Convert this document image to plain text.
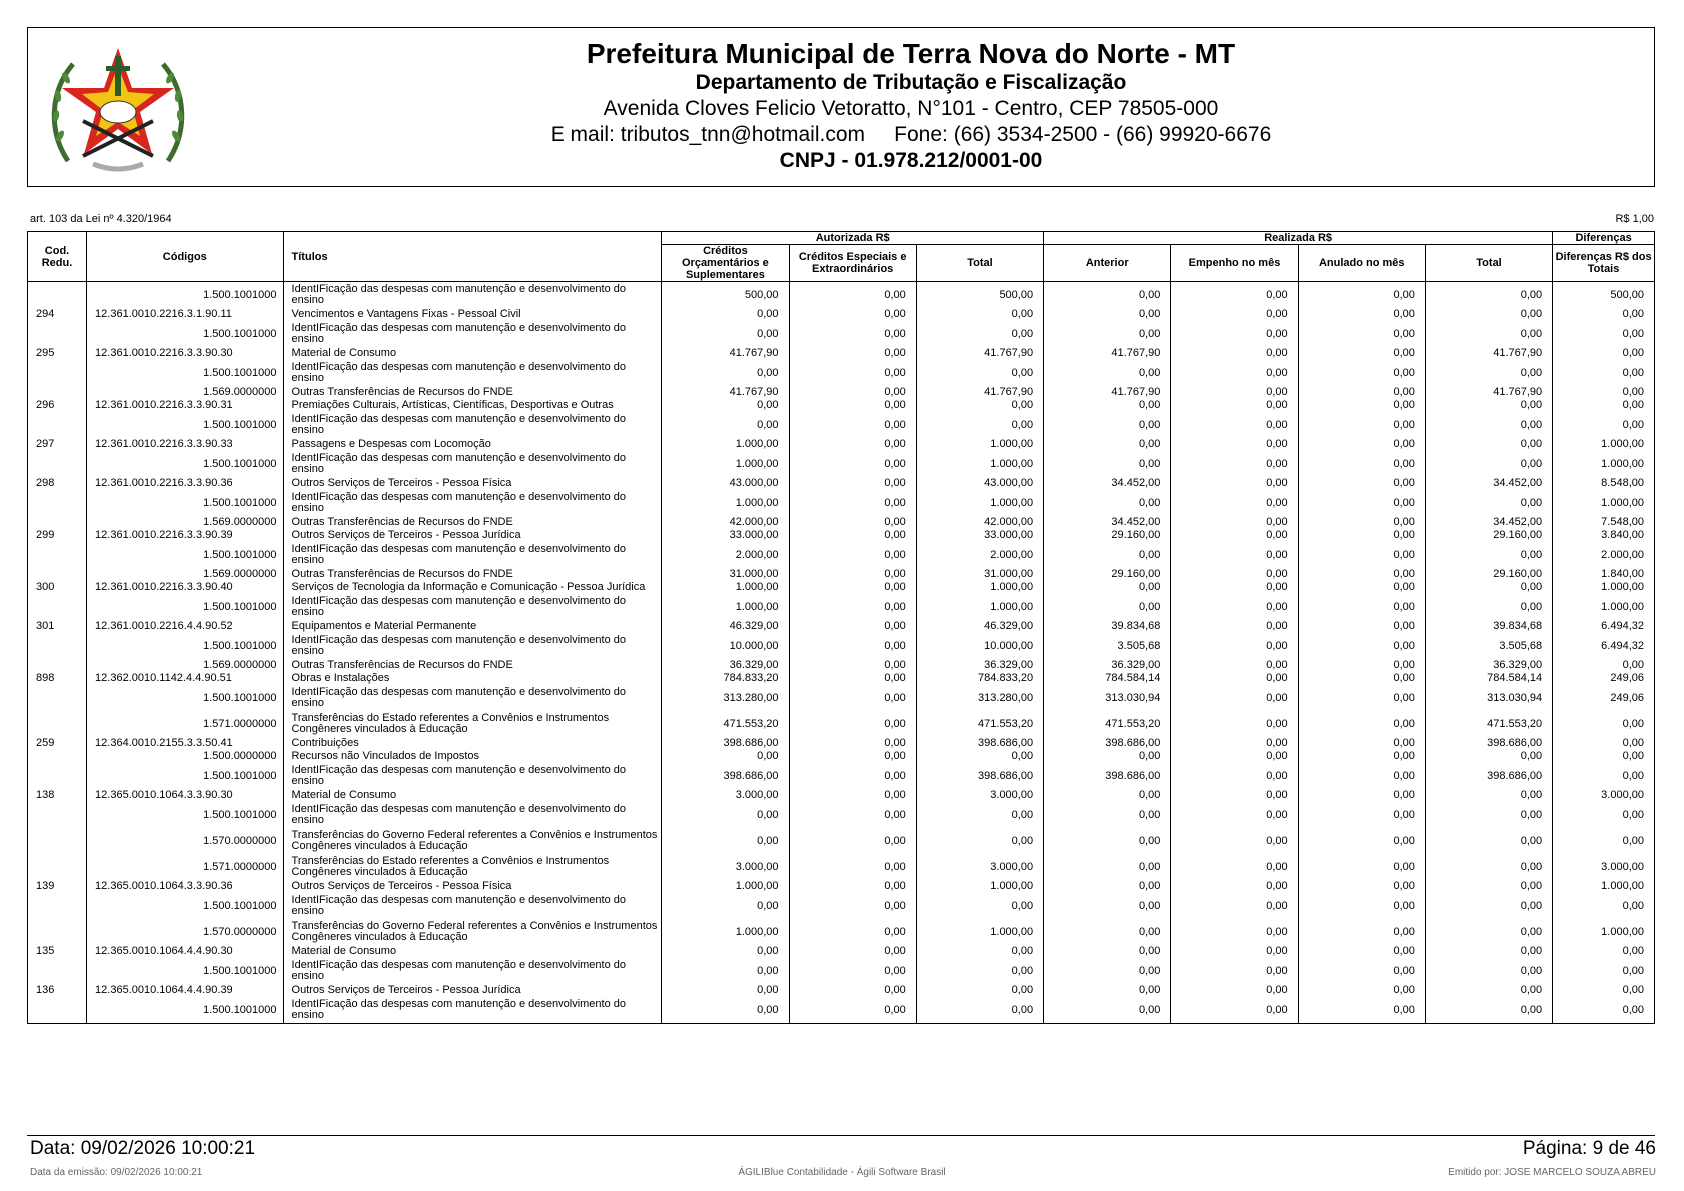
Prefeitura Municipal de Terra Nova do Norte - MT
Departamento de Tributação e Fiscalização
Avenida Cloves Felicio Vetoratto, N°101 - Centro, CEP 78505-000
E mail: tributos_tnn@hotmail.com     Fone: (66) 3534-2500 - (66) 99920-6676
CNPJ - 01.978.212/0001-00
art. 103 da Lei nº 4.320/1964	R$ 1,00
Cod. Redu.	Códigos	Títulos	Autorizada R$			Realizada R$				Diferenças
			Créditos Orçamentários e Suplementares	Créditos Especiais e Extraordinários	Total	Anterior	Empenho no mês	Anulado no mês	Total	Diferenças R$ dos Totais
	1.500.1001000	IdentIFicação das despesas com manutenção e desenvolvimento do ensino	500,00	0,00	500,00	0,00	0,00	0,00	0,00	500,00
294	12.361.0010.2216.3.1.90.11	Vencimentos e Vantagens Fixas - Pessoal Civil	0,00	0,00	0,00	0,00	0,00	0,00	0,00	0,00
	1.500.1001000	IdentIFicação das despesas com manutenção e desenvolvimento do ensino	0,00	0,00	0,00	0,00	0,00	0,00	0,00	0,00
295	12.361.0010.2216.3.3.90.30	Material de Consumo	41.767,90	0,00	41.767,90	41.767,90	0,00	0,00	41.767,90	0,00
	1.500.1001000	IdentIFicação das despesas com manutenção e desenvolvimento do ensino	0,00	0,00	0,00	0,00	0,00	0,00	0,00	0,00
	1.569.0000000	Outras Transferências de Recursos do FNDE	41.767,90	0,00	41.767,90	41.767,90	0,00	0,00	41.767,90	0,00
296	12.361.0010.2216.3.3.90.31	Premiações Culturais, Artísticas, Científicas, Desportivas e Outras	0,00	0,00	0,00	0,00	0,00	0,00	0,00	0,00
	1.500.1001000	IdentIFicação das despesas com manutenção e desenvolvimento do ensino	0,00	0,00	0,00	0,00	0,00	0,00	0,00	0,00
297	12.361.0010.2216.3.3.90.33	Passagens e Despesas com Locomoção	1.000,00	0,00	1.000,00	0,00	0,00	0,00	0,00	1.000,00
	1.500.1001000	IdentIFicação das despesas com manutenção e desenvolvimento do ensino	1.000,00	0,00	1.000,00	0,00	0,00	0,00	0,00	1.000,00
298	12.361.0010.2216.3.3.90.36	Outros Serviços de Terceiros - Pessoa Física	43.000,00	0,00	43.000,00	34.452,00	0,00	0,00	34.452,00	8.548,00
	1.500.1001000	IdentIFicação das despesas com manutenção e desenvolvimento do ensino	1.000,00	0,00	1.000,00	0,00	0,00	0,00	0,00	1.000,00
	1.569.0000000	Outras Transferências de Recursos do FNDE	42.000,00	0,00	42.000,00	34.452,00	0,00	0,00	34.452,00	7.548,00
299	12.361.0010.2216.3.3.90.39	Outros Serviços de Terceiros - Pessoa Jurídica	33.000,00	0,00	33.000,00	29.160,00	0,00	0,00	29.160,00	3.840,00
	1.500.1001000	IdentIFicação das despesas com manutenção e desenvolvimento do ensino	2.000,00	0,00	2.000,00	0,00	0,00	0,00	0,00	2.000,00
	1.569.0000000	Outras Transferências de Recursos do FNDE	31.000,00	0,00	31.000,00	29.160,00	0,00	0,00	29.160,00	1.840,00
300	12.361.0010.2216.3.3.90.40	Serviços de Tecnologia da Informação e Comunicação - Pessoa Jurídica	1.000,00	0,00	1.000,00	0,00	0,00	0,00	0,00	1.000,00
	1.500.1001000	IdentIFicação das despesas com manutenção e desenvolvimento do ensino	1.000,00	0,00	1.000,00	0,00	0,00	0,00	0,00	1.000,00
301	12.361.0010.2216.4.4.90.52	Equipamentos e Material Permanente	46.329,00	0,00	46.329,00	39.834,68	0,00	0,00	39.834,68	6.494,32
	1.500.1001000	IdentIFicação das despesas com manutenção e desenvolvimento do ensino	10.000,00	0,00	10.000,00	3.505,68	0,00	0,00	3.505,68	6.494,32
	1.569.0000000	Outras Transferências de Recursos do FNDE	36.329,00	0,00	36.329,00	36.329,00	0,00	0,00	36.329,00	0,00
898	12.362.0010.1142.4.4.90.51	Obras e Instalações	784.833,20	0,00	784.833,20	784.584,14	0,00	0,00	784.584,14	249,06
	1.500.1001000	IdentIFicação das despesas com manutenção e desenvolvimento do ensino	313.280,00	0,00	313.280,00	313.030,94	0,00	0,00	313.030,94	249,06
	1.571.0000000	Transferências do Estado referentes a Convênios e Instrumentos Congêneres vinculados à Educação	471.553,20	0,00	471.553,20	471.553,20	0,00	0,00	471.553,20	0,00
259	12.364.0010.2155.3.3.50.41	Contribuições	398.686,00	0,00	398.686,00	398.686,00	0,00	0,00	398.686,00	0,00
	1.500.0000000	Recursos não Vinculados de Impostos	0,00	0,00	0,00	0,00	0,00	0,00	0,00	0,00
	1.500.1001000	IdentIFicação das despesas com manutenção e desenvolvimento do ensino	398.686,00	0,00	398.686,00	398.686,00	0,00	0,00	398.686,00	0,00
138	12.365.0010.1064.3.3.90.30	Material de Consumo	3.000,00	0,00	3.000,00	0,00	0,00	0,00	0,00	3.000,00
	1.500.1001000	IdentIFicação das despesas com manutenção e desenvolvimento do ensino	0,00	0,00	0,00	0,00	0,00	0,00	0,00	0,00
	1.570.0000000	Transferências do Governo Federal referentes a Convênios e Instrumentos Congêneres vinculados à Educação	0,00	0,00	0,00	0,00	0,00	0,00	0,00	0,00
	1.571.0000000	Transferências do Estado referentes a Convênios e Instrumentos Congêneres vinculados à Educação	3.000,00	0,00	3.000,00	0,00	0,00	0,00	0,00	3.000,00
139	12.365.0010.1064.3.3.90.36	Outros Serviços de Terceiros - Pessoa Física	1.000,00	0,00	1.000,00	0,00	0,00	0,00	0,00	1.000,00
	1.500.1001000	IdentIFicação das despesas com manutenção e desenvolvimento do ensino	0,00	0,00	0,00	0,00	0,00	0,00	0,00	0,00
	1.570.0000000	Transferências do Governo Federal referentes a Convênios e Instrumentos Congêneres vinculados à Educação	1.000,00	0,00	1.000,00	0,00	0,00	0,00	0,00	1.000,00
135	12.365.0010.1064.4.4.90.30	Material de Consumo	0,00	0,00	0,00	0,00	0,00	0,00	0,00	0,00
	1.500.1001000	IdentIFicação das despesas com manutenção e desenvolvimento do ensino	0,00	0,00	0,00	0,00	0,00	0,00	0,00	0,00
136	12.365.0010.1064.4.4.90.39	Outros Serviços de Terceiros - Pessoa Jurídica	0,00	0,00	0,00	0,00	0,00	0,00	0,00	0,00
	1.500.1001000	IdentIFicação das despesas com manutenção e desenvolvimento do ensino	0,00	0,00	0,00	0,00	0,00	0,00	0,00	0,00
Data: 09/02/2026 10:00:21	Página: 9 de 46
Data da emissão: 09/02/2026 10:00:21	ÁGILIBlue Contabilidade - Ágili Software Brasil	Emitido por: JOSE MARCELO SOUZA ABREU
